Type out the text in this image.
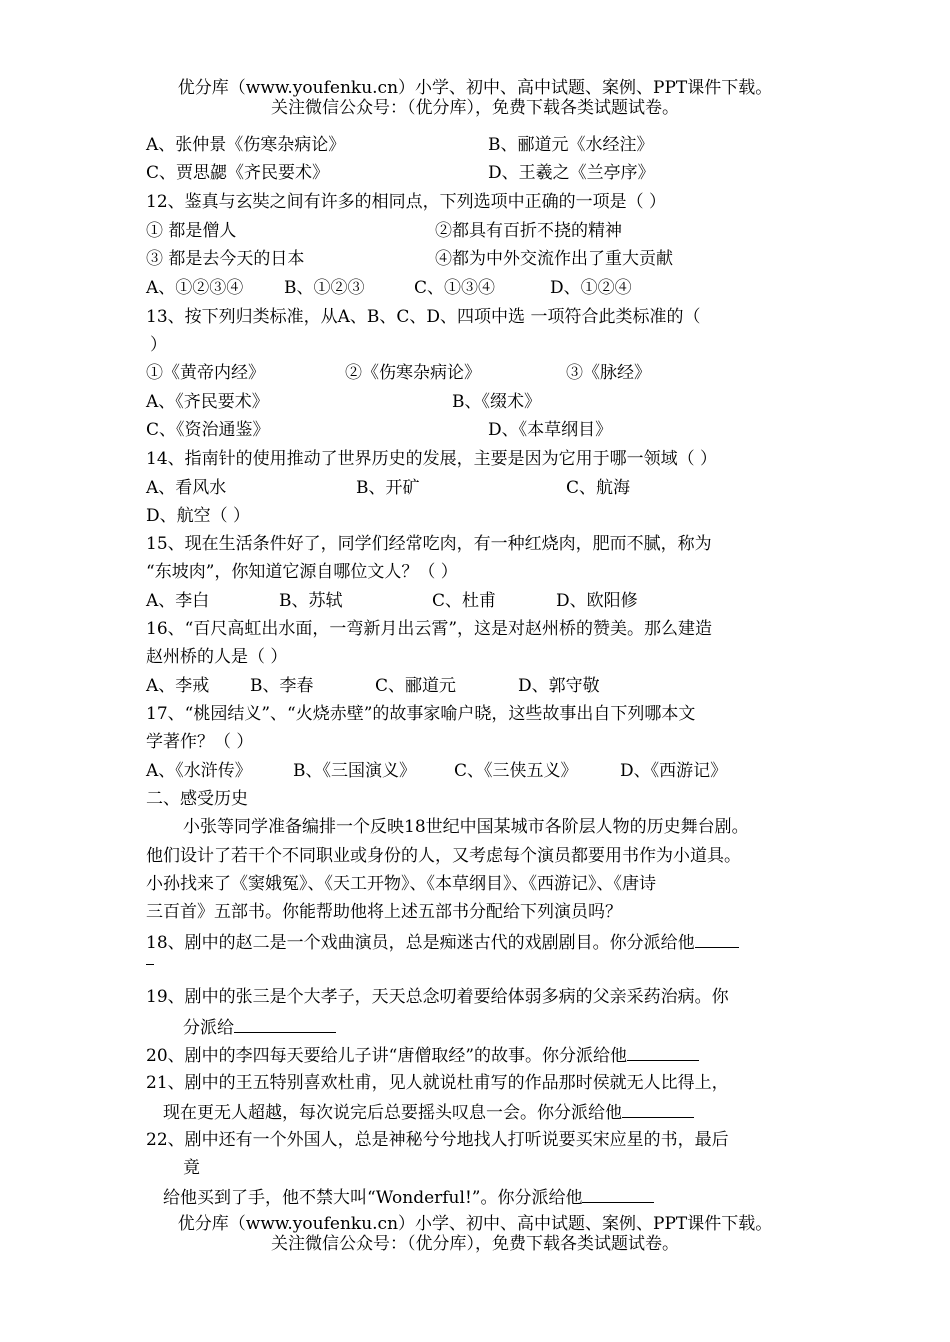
优分库（www.youfenku.cn）小学、初中、高中试题、案例、PPT课件下载。
关注微信公众号：（优分库），免费下载各类试题试卷。
A、张仲景《伤寒杂病论》	B、郦道元《水经注》
C、贾思勰《齐民要术》	D、王羲之《兰亭序》
12、鉴真与玄奘之间有许多的相同点，下列选项中正确的一项是（ ）
① 都是僧人	②都具有百折不挠的精神
③ 都是去今天的日本	④都为中外交流作出了重大贡献
A、①②③④ B、①②③	C、①③④	D、①②④
13、按下列归类标准，从A、B、C、D、四项中选 一项符合此类标准的（
）
①《黄帝内经》	②《伤寒杂病论》	③《脉经》
A、《齐民要术》	B、《缀术》
C、《资治通鉴》	D、《本草纲目》
14、指南针的使用推动了世界历史的发展，主要是因为它用于哪一领域（ ）
A、看风水	B、开矿	C、航海
D、航空（ ）
15、现在生活条件好了，同学们经常吃肉，有一种红烧肉，肥而不腻，称为
“东坡肉”，你知道它源自哪位文人？（ ）
A、李白	B、苏轼	C、杜甫	D、欧阳修
16、“百尺高虹出水面，一弯新月出云霄”，这是对赵州桥的赞美。那么建造
赵州桥的人是（ ）
A、李戒 B、李春	C、郦道元	D、郭守敬
17、“桃园结义”、“火烧赤壁”的故事家喻户晓，这些故事出自下列哪本文
学著作？（ ）
A、《水浒传》 B、《三国演义》 C、《三侠五义》 D、《西游记》
二、感受历史
小张等同学准备编排一个反映18世纪中国某城市各阶层人物的历史舞台剧。
他们设计了若干个不同职业或身份的人，又考虑每个演员都要用书作为小道具。
小孙找来了《窦娥冤》、《天工开物》、《本草纲目》、《西游记》、《唐诗
三百首》五部书。你能帮助他将上述五部书分配给下列演员吗？
18、剧中的赵二是一个戏曲演员，总是痴迷古代的戏剧剧目。你分派给他
19、剧中的张三是个大孝子，天天总念叨着要给体弱多病的父亲采药治病。你
分派给
20、剧中的李四每天要给儿子讲“唐僧取经”的故事。你分派给他
21、剧中的王五特别喜欢杜甫，见人就说杜甫写的作品那时侯就无人比得上，
现在更无人超越，每次说完后总要摇头叹息一会。你分派给他
22、剧中还有一个外国人，总是神秘兮兮地找人打听说要买宋应星的书，最后
竟
给他买到了手，他不禁大叫“Wonderful!”。你分派给他
优分库（www.youfenku.cn）小学、初中、高中试题、案例、PPT课件下载。
关注微信公众号：（优分库），免费下载各类试题试卷。
